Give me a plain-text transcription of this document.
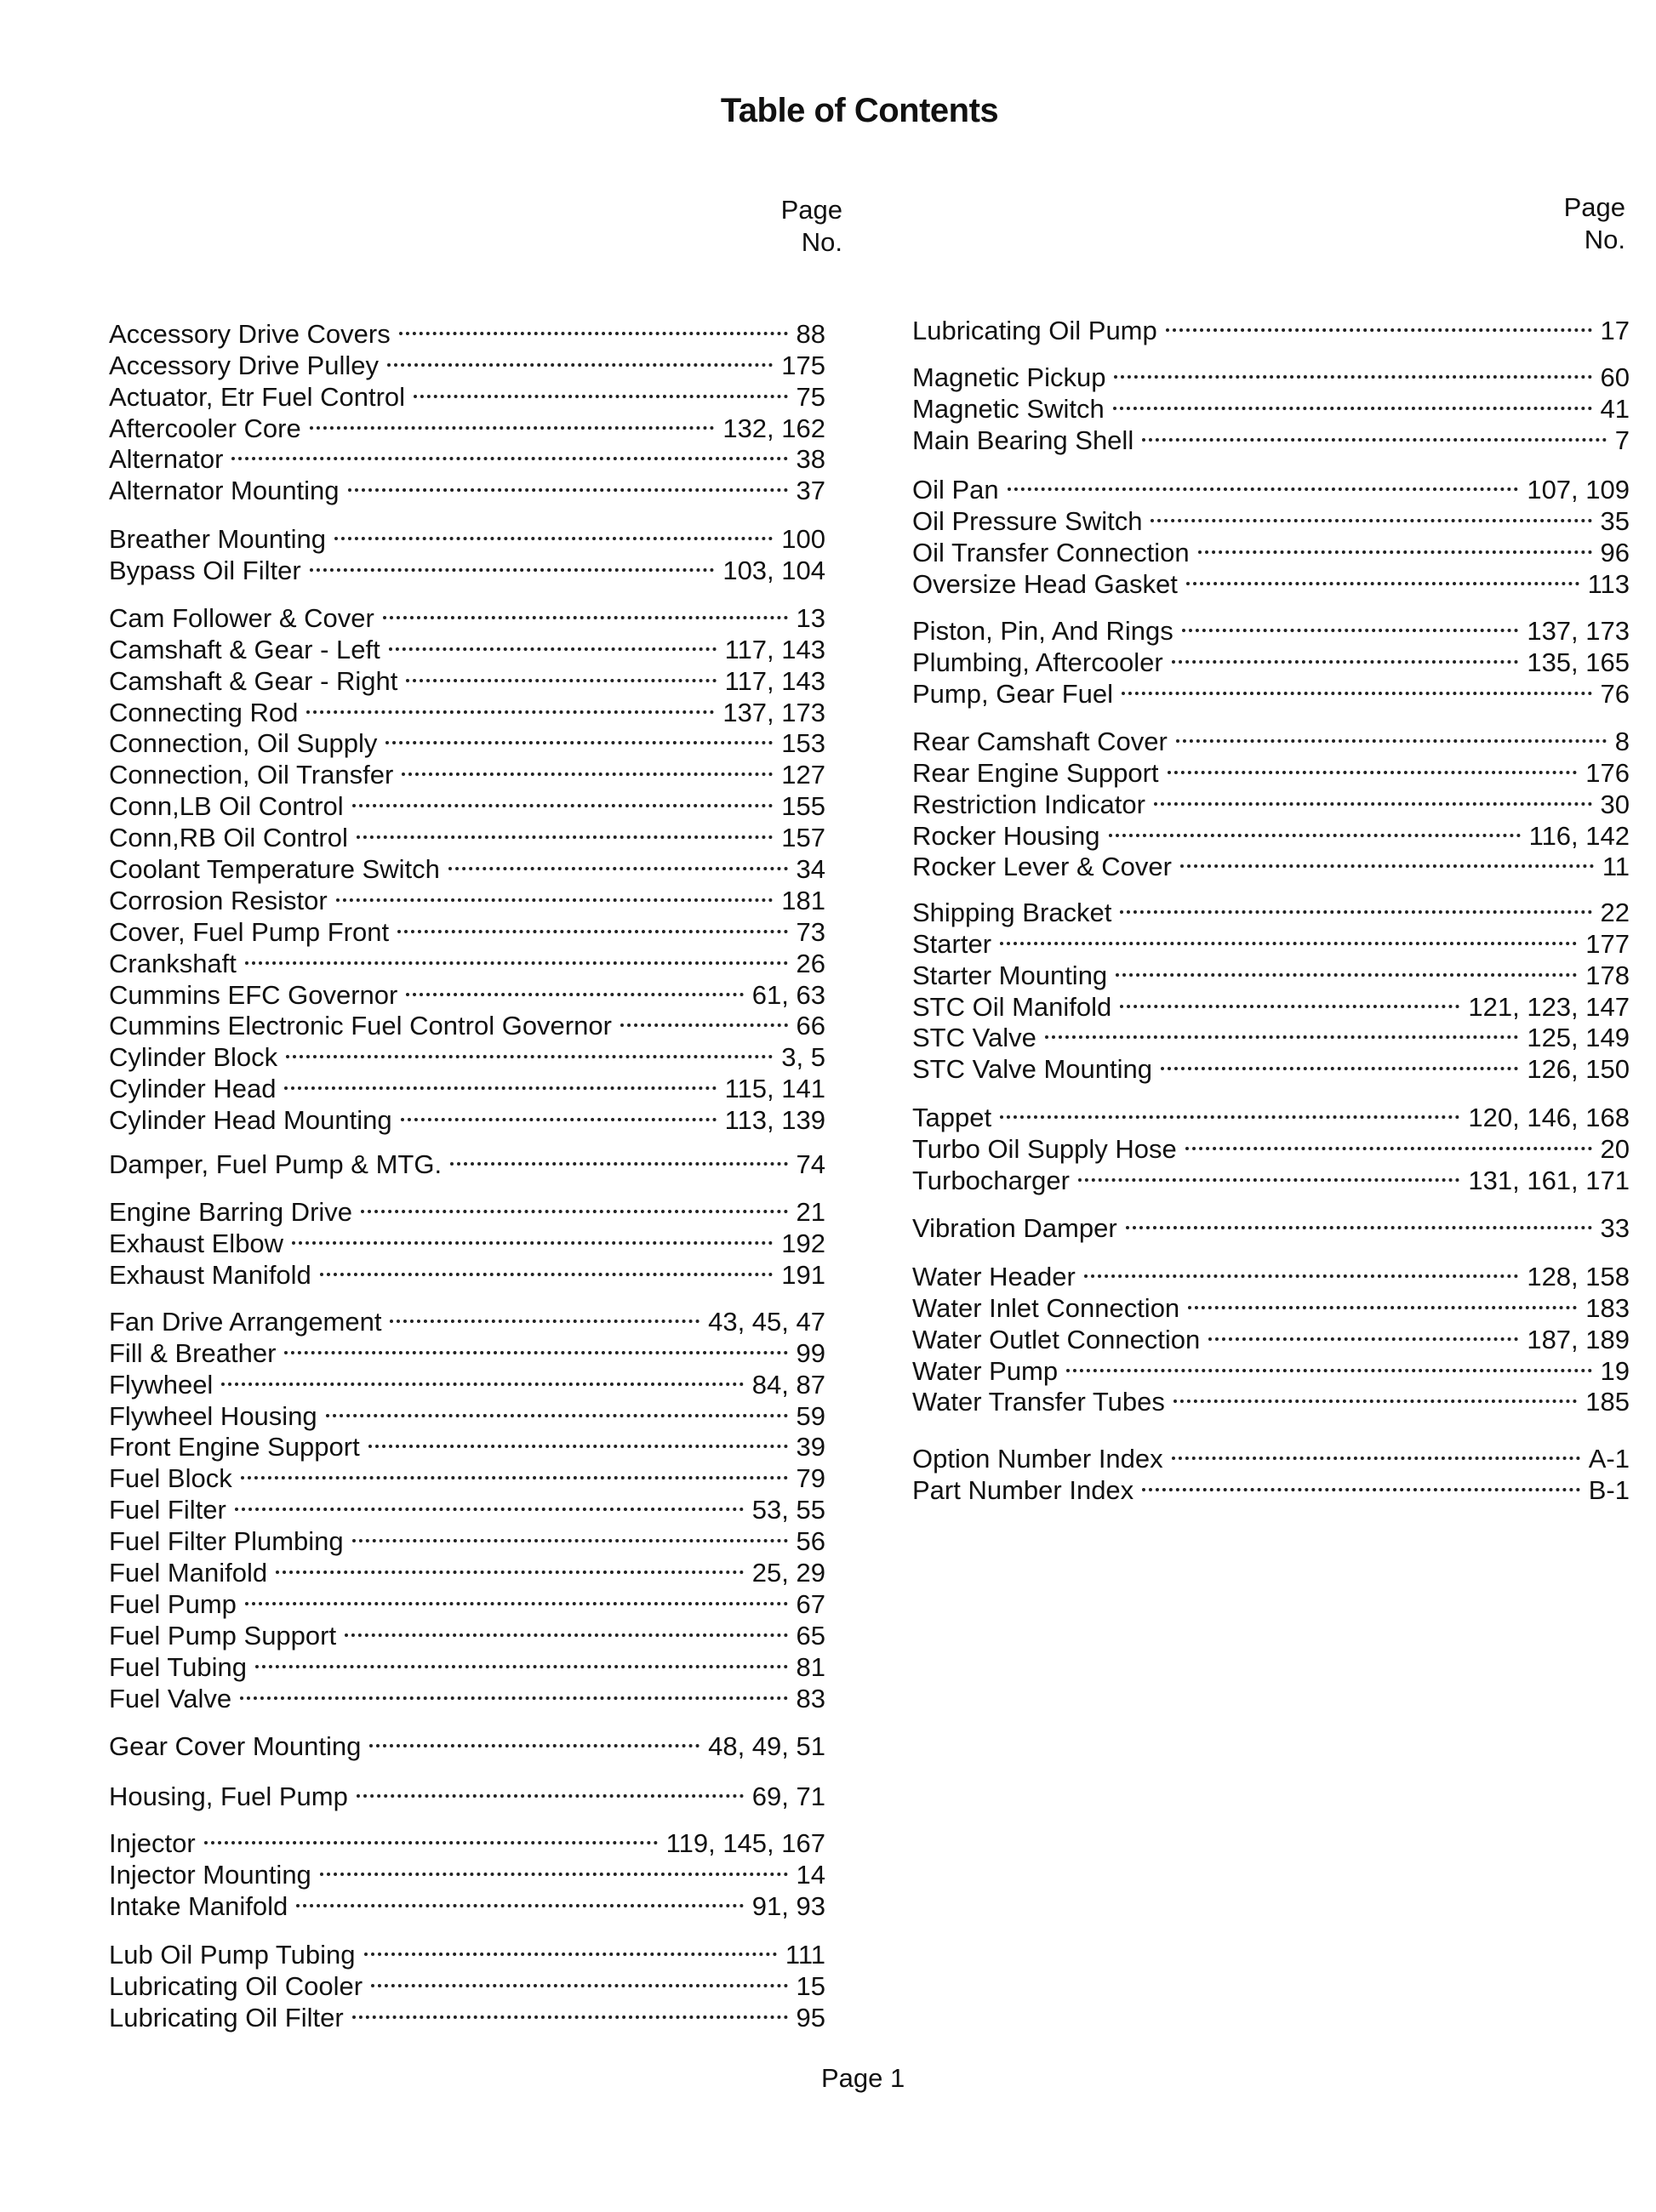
Table of Contents
Page
No.
Page
No.
Accessory Drive Covers	88
Accessory Drive Pulley	175
Actuator, Etr Fuel Control	75
Aftercooler Core	132, 162
Alternator	38
Alternator Mounting	37
Breather Mounting	100
Bypass Oil Filter	103, 104
Cam Follower & Cover	13
Camshaft & Gear - Left	117, 143
Camshaft & Gear - Right	117, 143
Connecting Rod	137, 173
Connection, Oil Supply	153
Connection, Oil Transfer	127
Conn,LB Oil Control	155
Conn,RB Oil Control	157
Coolant Temperature Switch	34
Corrosion Resistor	181
Cover, Fuel Pump Front	73
Crankshaft	26
Cummins EFC Governor	61, 63
Cummins Electronic Fuel Control Governor	66
Cylinder Block	3, 5
Cylinder Head	115, 141
Cylinder Head Mounting	113, 139
Damper, Fuel Pump & MTG.	74
Engine Barring Drive	21
Exhaust Elbow	192
Exhaust Manifold	191
Fan Drive Arrangement	43, 45, 47
Fill & Breather	99
Flywheel	84, 87
Flywheel Housing	59
Front Engine Support	39
Fuel Block	79
Fuel Filter	53, 55
Fuel Filter Plumbing	56
Fuel Manifold	25, 29
Fuel Pump	67
Fuel Pump Support	65
Fuel Tubing	81
Fuel Valve	83
Gear Cover Mounting	48, 49, 51
Housing, Fuel Pump	69, 71
Injector	119, 145, 167
Injector Mounting	14
Intake Manifold	91, 93
Lub Oil Pump Tubing	111
Lubricating Oil Cooler	15
Lubricating Oil Filter	95
Lubricating Oil Pump	17
Magnetic Pickup	60
Magnetic Switch	41
Main Bearing Shell	7
Oil Pan	107, 109
Oil Pressure Switch	35
Oil Transfer Connection	96
Oversize Head Gasket	113
Piston, Pin, And Rings	137, 173
Plumbing, Aftercooler	135, 165
Pump, Gear Fuel	76
Rear Camshaft Cover	8
Rear Engine Support	176
Restriction Indicator	30
Rocker Housing	116, 142
Rocker Lever & Cover	11
Shipping Bracket	22
Starter	177
Starter Mounting	178
STC Oil Manifold	121, 123, 147
STC Valve	125, 149
STC Valve Mounting	126, 150
Tappet	120, 146, 168
Turbo Oil Supply Hose	20
Turbocharger	131, 161, 171
Vibration Damper	33
Water Header	128, 158
Water Inlet Connection	183
Water Outlet Connection	187, 189
Water Pump	19
Water Transfer Tubes	185
Option Number Index	A-1
Part Number Index	B-1
Page 1
